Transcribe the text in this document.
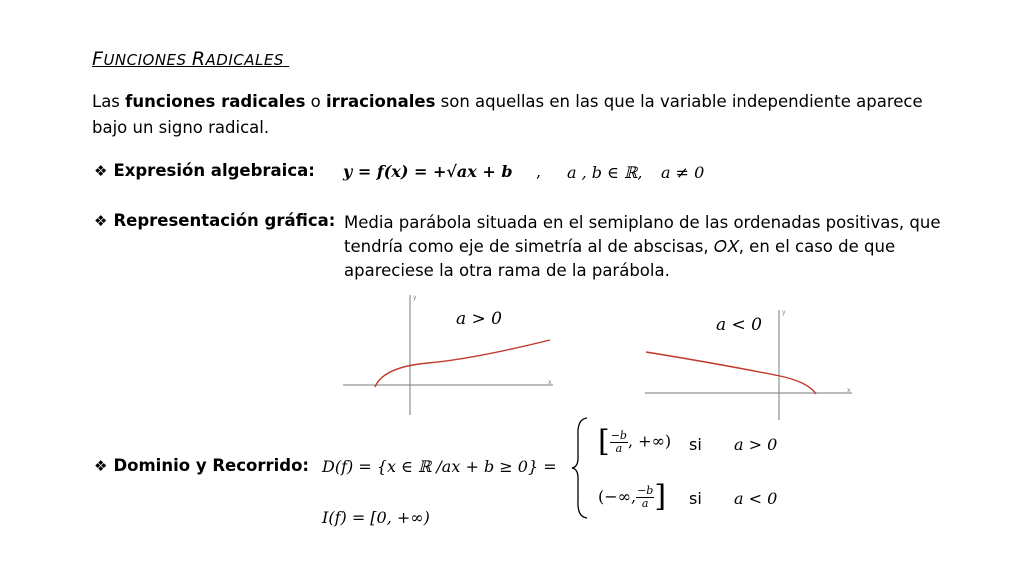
FUNCIONES RADICALES
Las funciones radicales o irracionales son aquellas en las que la variable independiente aparece bajo un signo radical.
❖ Expresión algebraica: 𝒚 = 𝒇(𝒙) = +√𝒂𝒙 + 𝒃 , a , b ∈ ℝ, a ≠ 0
❖ Representación gráfica: Media parábola situada en el semiplano de las ordenadas positivas, que tendría como eje de simetría al de abscisas, 𝑂𝑋, en el caso de que apareciese la otra rama de la parábola.
y
x
a > 0	y
x
a < 0
❖ Dominio y Recorrido: D(f) = {x ∈ ℝ /ax + b ≥ 0} =
[ $\frac{-b}{a}$ , +∞) si a > 0
(−∞, $\frac{-b}{a}$ ] si a < 0
I(f) = [0, +∞)
